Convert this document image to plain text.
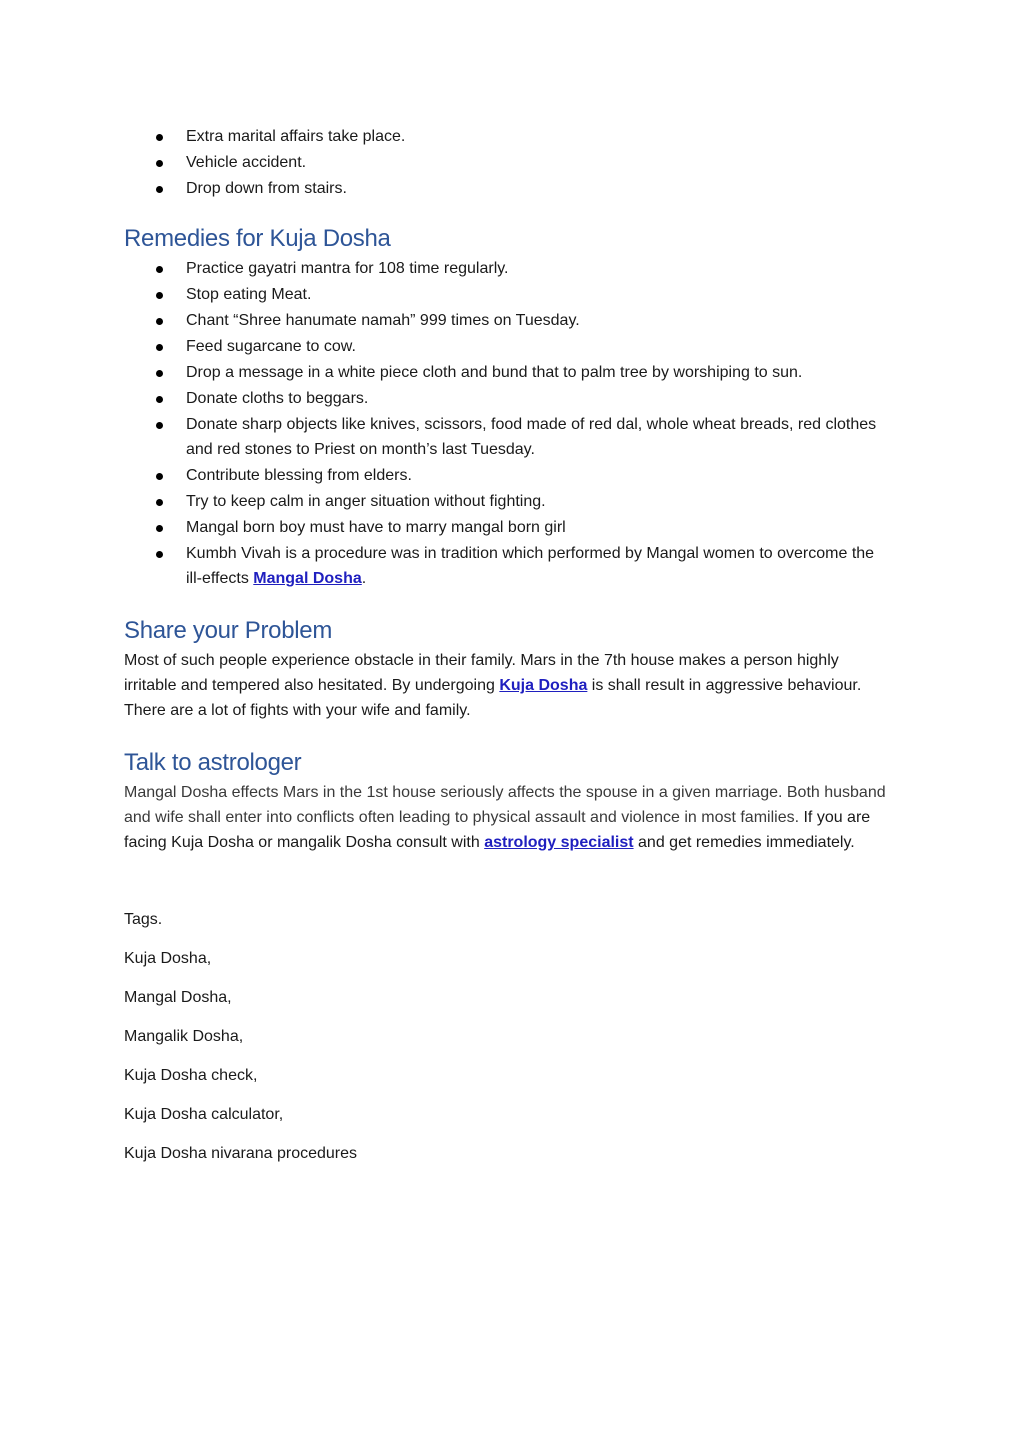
Extra marital affairs take place.
Vehicle accident.
Drop down from stairs.
Remedies for Kuja Dosha
Practice gayatri mantra for 108 time regularly.
Stop eating Meat.
Chant “Shree hanumate namah” 999 times on Tuesday.
Feed sugarcane to cow.
Drop a message in a white piece cloth and bund that to palm tree by worshiping to sun.
Donate cloths to beggars.
Donate sharp objects like knives, scissors, food made of red dal, whole wheat breads, red clothes and red stones to Priest on month’s last Tuesday.
Contribute blessing from elders.
Try to keep calm in anger situation without fighting.
Mangal born boy must have to marry mangal born girl
Kumbh Vivah is a procedure was in tradition which performed by Mangal women to overcome the ill-effects Mangal Dosha.
Share your Problem

Most of such people experience obstacle in their family. Mars in the 7th house makes a person highly irritable and tempered also hesitated. By undergoing Kuja Dosha is shall result in aggressive behaviour. There are a lot of fights with your wife and family.

Talk to astrologer

Mangal Dosha effects Mars in the 1st house seriously affects the spouse in a given marriage. Both husband and wife shall enter into conflicts often leading to physical assault and violence in most families. If you are facing Kuja Dosha or mangalik Dosha consult with astrology specialist and get remedies immediately.

Tags.

Kuja Dosha,

Mangal Dosha,

Mangalik Dosha,

Kuja Dosha check,

Kuja Dosha calculator,

Kuja Dosha nivarana procedures
